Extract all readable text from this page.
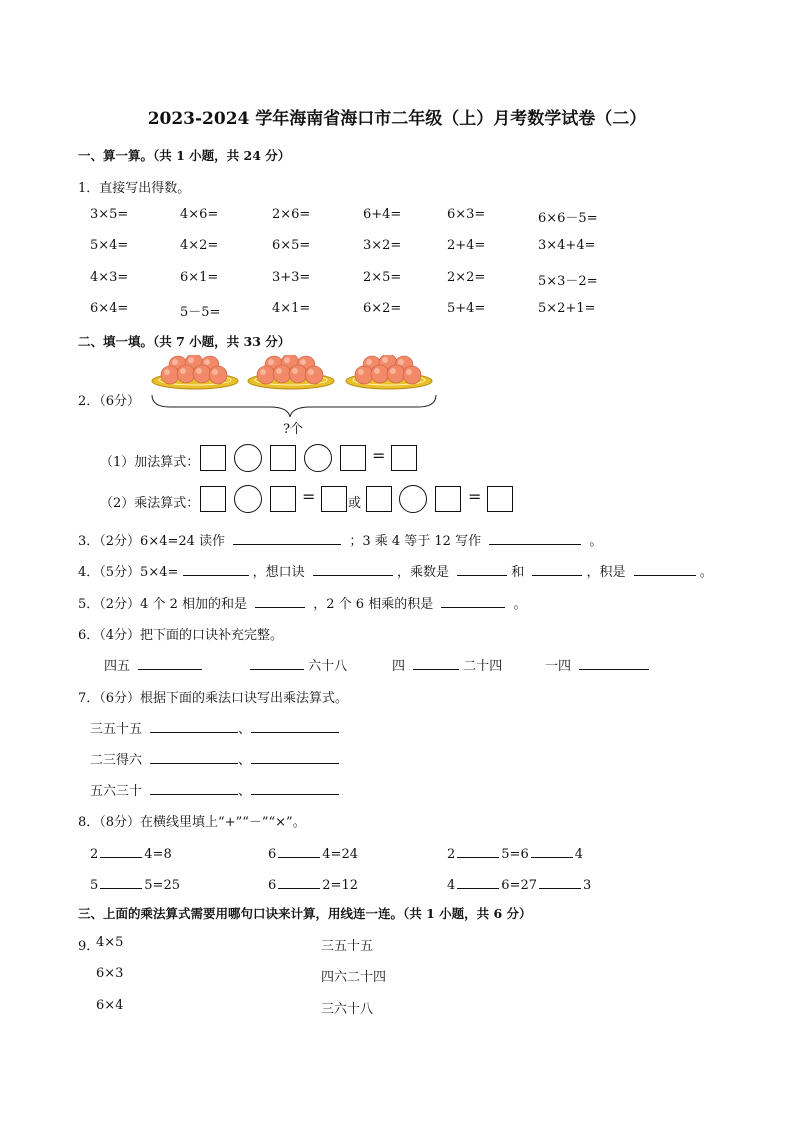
2023-2024 学年海南省海口市二年级（上）月考数学试卷（二）
一、算一算。（共 1 小题，共 24 分）
1．直接写出得数。
3×5=	4×6=	2×6=	6+4=	6×3=	6×6－5=
5×4=	4×2=	6×5=	3×2=	2+4=	3×4+4=
4×3=	6×1=	3+3=	2×5=	2×2=	5×3－2=
6×4=	5－5=	4×1=	6×2=	5+4=	5×2+1=
二、填一填。（共 7 小题，共 33 分）
2．（6分）
?个
（1）加法算式：	=
（2）乘法算式：	=	或	=
3．（2分）6×4=24 读作	；3 乘 4 等于 12 写作	。
4．（5分）5×4=	，想口诀	，乘数是	和	，积是	。
5．（2分）4 个 2 相加的和是	，2 个 6 相乘的积是	。
6．（4分）把下面的口诀补充完整。
四五	六十八	四	二十四	一四
7．（6分）根据下面的乘法口诀写出乘法算式。
三五十五	、
二三得六	、
五六三十	、
8．（8分）在横线里填上“+”“－”“×”。
2	4=8	6	4=24	2	5=6	4
5	5=25	6	2=12	4	6=27	3
三、上面的乘法算式需要用哪句口诀来计算，用线连一连。（共 1 小题，共 6 分）
9．
4×5
6×3
6×4
三五十五
四六二十四
三六十八
